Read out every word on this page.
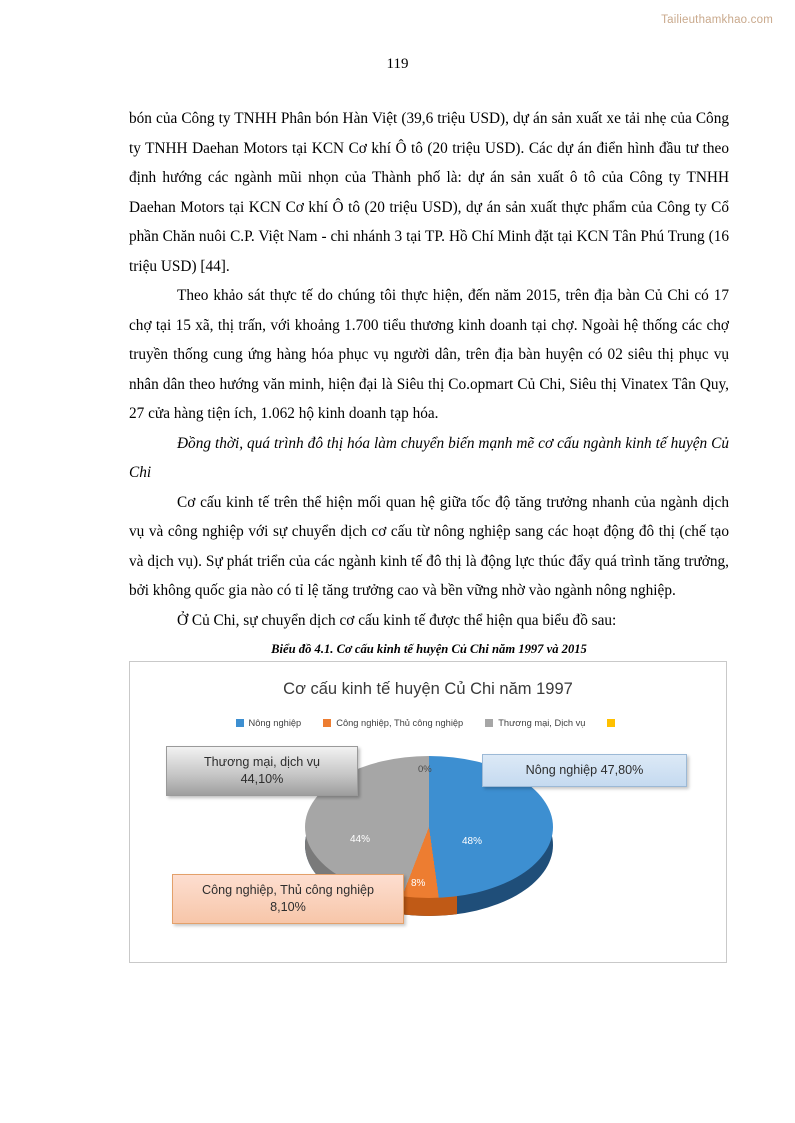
Tailieuthamkhao.com
119

bón của Công ty TNHH Phân bón Hàn Việt (39,6 triệu USD), dự án sản xuất xe tải nhẹ của Công ty TNHH Daehan Motors tại KCN Cơ khí Ô tô (20 triệu USD). Các dự án điển hình đầu tư theo định hướng các ngành mũi nhọn của Thành phố là: dự án sản xuất ô tô của Công ty TNHH Daehan Motors tại KCN Cơ khí Ô tô (20 triệu USD), dự án sản xuất thực phẩm của Công ty Cổ phần Chăn nuôi C.P. Việt Nam - chi nhánh 3 tại TP. Hồ Chí Minh đặt tại KCN Tân Phú Trung (16 triệu USD) [44].

Theo khảo sát thực tế do chúng tôi thực hiện, đến năm 2015, trên địa bàn Củ Chi có 17 chợ tại 15 xã, thị trấn, với khoảng 1.700 tiểu thương kinh doanh tại chợ. Ngoài hệ thống các chợ truyền thống cung ứng hàng hóa phục vụ người dân, trên địa bàn huyện có 02 siêu thị phục vụ nhân dân theo hướng văn minh, hiện đại là Siêu thị Co.opmart Củ Chi, Siêu thị Vinatex Tân Quy, 27 cửa hàng tiện ích, 1.062 hộ kinh doanh tạp hóa.

Đồng thời, quá trình đô thị hóa làm chuyển biến mạnh mẽ cơ cấu ngành kinh tế huyện Củ Chi

Cơ cấu kinh tế trên thể hiện mối quan hệ giữa tốc độ tăng trưởng nhanh của ngành dịch vụ và công nghiệp với sự chuyển dịch cơ cấu từ nông nghiệp sang các hoạt động đô thị (chế tạo và dịch vụ). Sự phát triển của các ngành kinh tế đô thị là động lực thúc đẩy quá trình tăng trưởng, bởi không quốc gia nào có tỉ lệ tăng trưởng cao và bền vững nhờ vào ngành nông nghiệp.

Ở Củ Chi, sự chuyển dịch cơ cấu kinh tế được thể hiện qua biểu đồ sau:

Biểu đồ 4.1. Cơ cấu kinh tế huyện Củ Chi năm 1997 và 2015
Cơ cấu kinh tế huyện Củ Chi năm 1997
Nông nghiệp	Công nghiệp, Thủ công nghiệp	Thương mại, Dịch vụ
48%
8%
44%
0%	Nông nghiệp 47,80%
Thương mại, dịch vụ
44,10%
Công nghiệp, Thủ công nghiệp
8,10%
